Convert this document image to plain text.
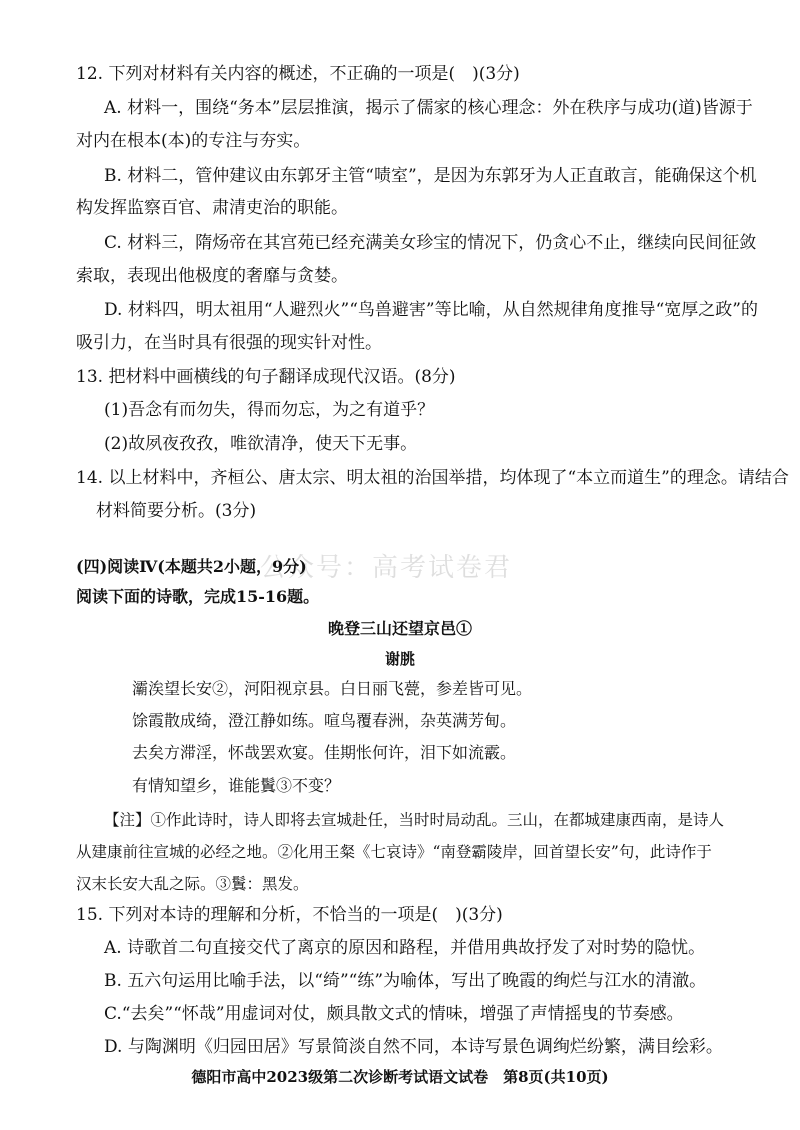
12. 下列对材料有关内容的概述，不正确的一项是(　)(3分)
A. 材料一，围绕“务本”层层推演，揭示了儒家的核心理念：外在秩序与成功(道)皆源于
对内在根本(本)的专注与夯实。
B. 材料二，管仲建议由东郭牙主管“啧室”，是因为东郭牙为人正直敢言，能确保这个机
构发挥监察百官、肃清吏治的职能。
C. 材料三，隋炀帝在其宫苑已经充满美女珍宝的情况下，仍贪心不止，继续向民间征敛
索取，表现出他极度的奢靡与贪婪。
D. 材料四，明太祖用“人避烈火”“鸟兽避害”等比喻，从自然规律角度推导“宽厚之政”的
吸引力，在当时具有很强的现实针对性。
13. 把材料中画横线的句子翻译成现代汉语。(8分)
(1)吾念有而勿失，得而勿忘，为之有道乎？
(2)故夙夜孜孜，唯欲清净，使天下无事。
14. 以上材料中，齐桓公、唐太宗、明太祖的治国举措，均体现了“本立而道生”的理念。请结合
材料简要分析。(3分)
公众号：高考试卷君
(四)阅读Ⅳ(本题共2小题，9分)
阅读下面的诗歌，完成15-16题。
晚登三山还望京邑①
谢朓
灞涘望长安②，河阳视京县。白日丽飞甍，参差皆可见。
馀霞散成绮，澄江静如练。喧鸟覆春洲，杂英满芳甸。
去矣方滞淫，怀哉罢欢宴。佳期怅何许，泪下如流霰。
有情知望乡，谁能鬒③不变？
【注】①作此诗时，诗人即将去宣城赴任，当时时局动乱。三山，在都城建康西南，是诗人
从建康前往宣城的必经之地。②化用王粲《七哀诗》“南登霸陵岸，回首望长安”句，此诗作于
汉末长安大乱之际。③鬒：黑发。
15. 下列对本诗的理解和分析，不恰当的一项是(　)(3分)
A. 诗歌首二句直接交代了离京的原因和路程，并借用典故抒发了对时势的隐忧。
B. 五六句运用比喻手法，以“绮”“练”为喻体，写出了晚霞的绚烂与江水的清澈。
C.“去矣”“怀哉”用虚词对仗，颇具散文式的情味，增强了声情摇曳的节奏感。
D. 与陶渊明《归园田居》写景简淡自然不同，本诗写景色调绚烂纷繁，满目绘彩。
德阳市高中2023级第二次诊断考试语文试卷　第8页(共10页)
